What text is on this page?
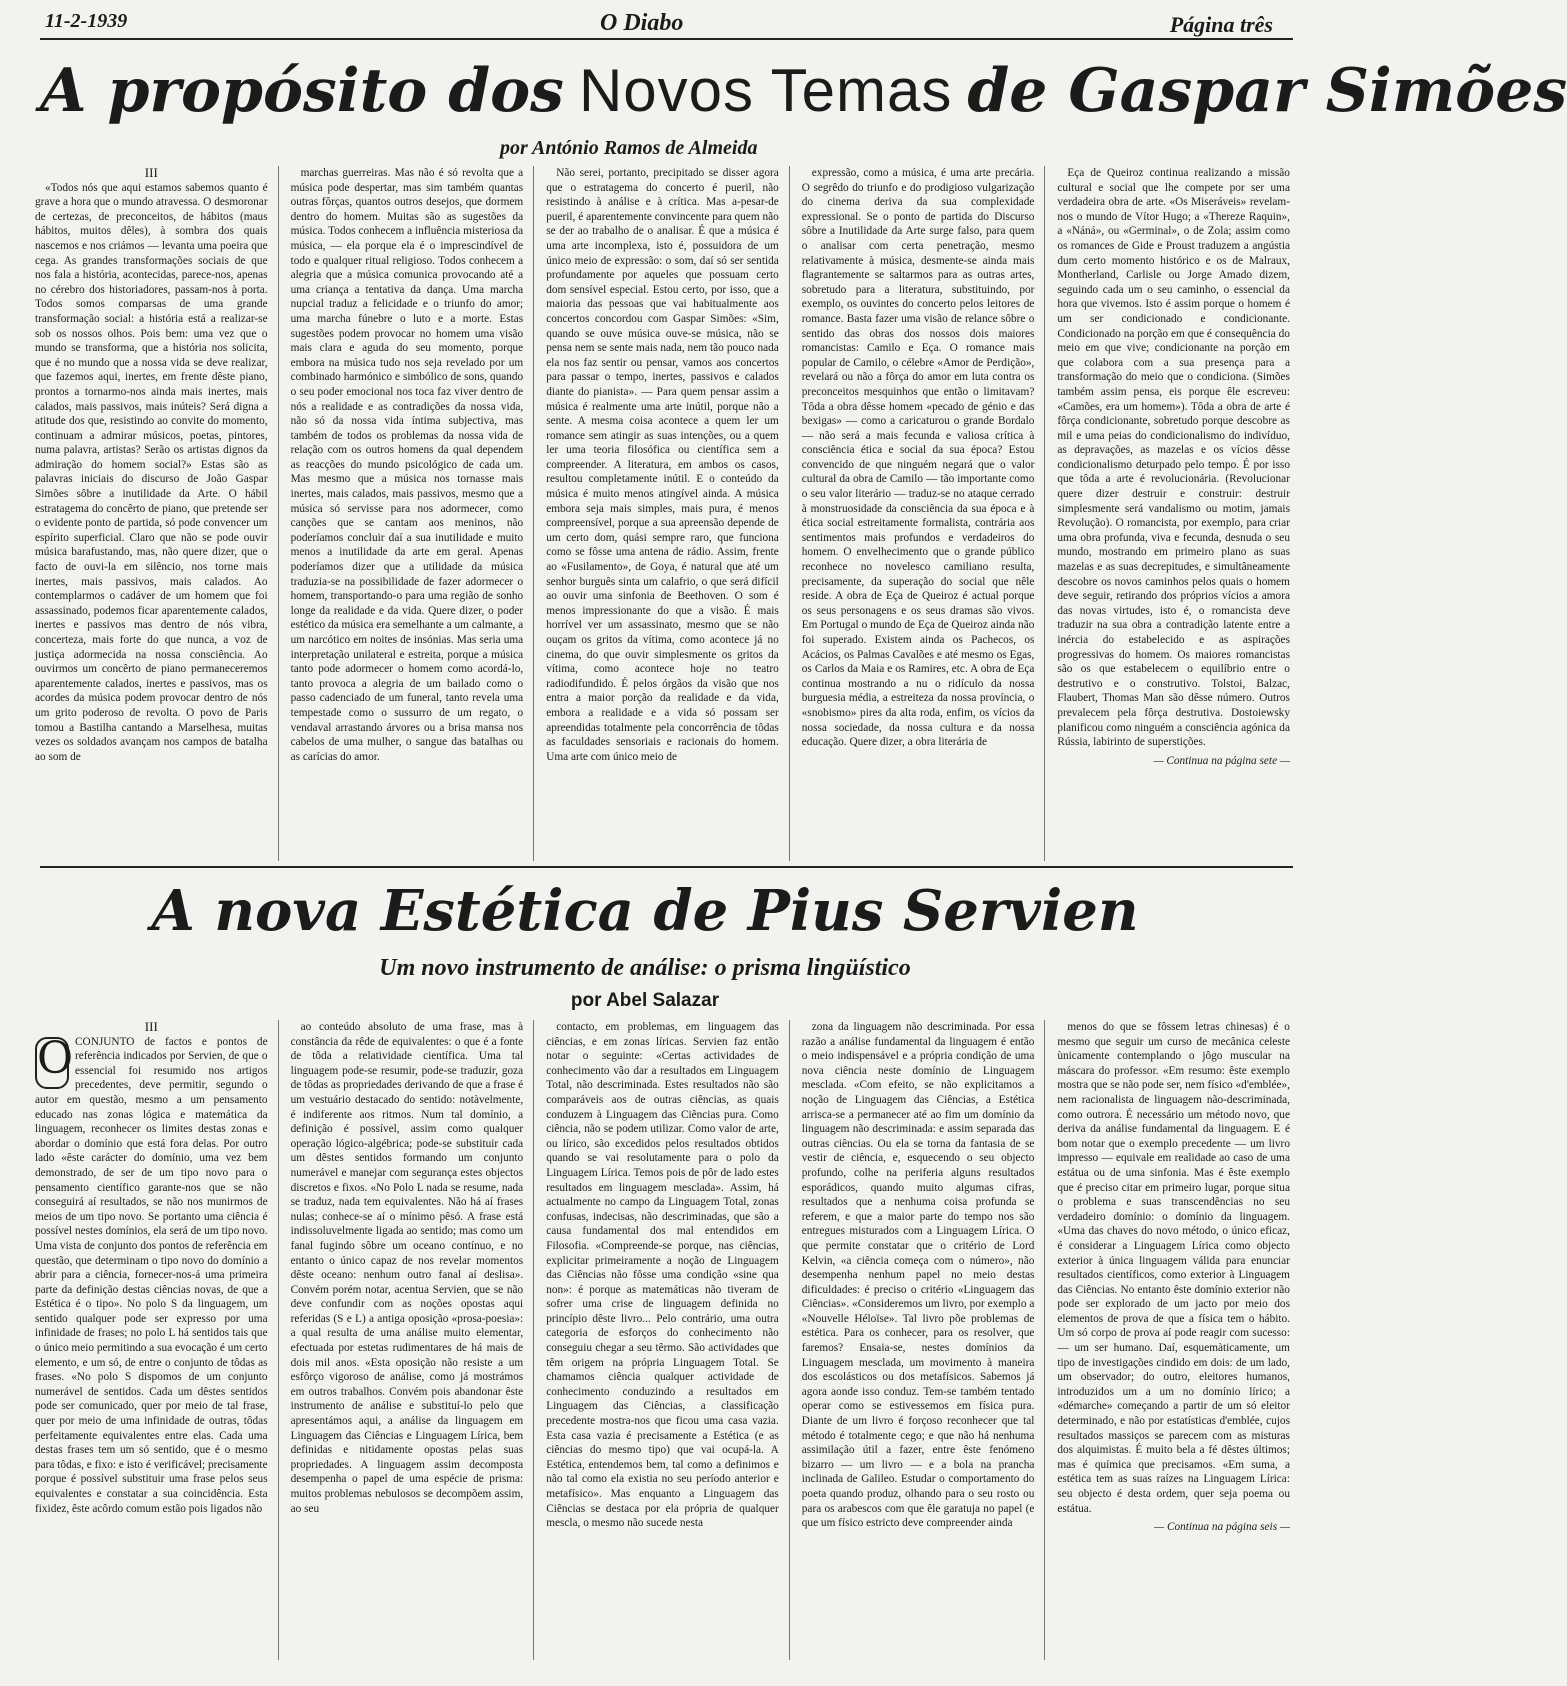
11-2-1939	O Diabo	Página três
A propósito dos Novos Temas de Gaspar Simões
por António Ramos de Almeida

III

«Todos nós que aqui estamos sabemos quanto é grave a hora que o mundo atravessa. O desmoronar de certezas, de preconceitos, de hábitos (maus hábitos, muitos dêles), à sombra dos quais nascemos e nos criámos — levanta uma poeira que cega. As grandes transformações sociais de que nos fala a história, acontecidas, parece-nos, apenas no cérebro dos historiadores, passam-nos à porta. Todos somos comparsas de uma grande transformação social: a história está a realizar-se sob os nossos olhos. Pois bem: uma vez que o mundo se transforma, que a história nos solicita, que é no mundo que a nossa vida se deve realizar, que fazemos aqui, inertes, em frente dêste piano, prontos a tornarmo-nos ainda mais inertes, mais calados, mais passivos, mais inúteis? Será digna a atitude dos que, resistindo ao convite do momento, continuam a admirar músicos, poetas, pintores, numa palavra, artistas? Serão os artistas dignos da admiração do homem social?» Estas são as palavras iniciais do discurso de João Gaspar Simões sôbre a inutilidade da Arte. O hábil estratagema do concêrto de piano, que pretende ser o evidente ponto de partida, só pode convencer um espírito superficial. Claro que não se pode ouvir música barafustando, mas, não quere dizer, que o facto de ouvi-la em silêncio, nos torne mais inertes, mais passivos, mais calados. Ao contemplarmos o cadáver de um homem que foi assassinado, podemos ficar aparentemente calados, inertes e passivos mas dentro de nós vibra, concerteza, mais forte do que nunca, a voz de justiça adormecida na nossa consciência. Ao ouvirmos um concêrto de piano permaneceremos aparentemente calados, inertes e passivos, mas os acordes da música podem provocar dentro de nós um grito poderoso de revolta. O povo de Paris tomou a Bastilha cantando a Marselhesa, muitas vezes os soldados avançam nos campos de batalha ao som de

marchas guerreiras. Mas não é só revolta que a música pode despertar, mas sim também quantas outras fôrças, quantos outros desejos, que dormem dentro do homem. Muitas são as sugestões da música. Todos conhecem a influência misteriosa da música, — ela porque ela é o imprescindível de todo e qualquer ritual religioso. Todos conhecem a alegria que a música comunica provocando até a uma criança a tentativa da dança. Uma marcha nupcial traduz a felicidade e o triunfo do amor; uma marcha fúnebre o luto e a morte. Estas sugestões podem provocar no homem uma visão mais clara e aguda do seu momento, porque embora na música tudo nos seja revelado por um combinado harmónico e simbólico de sons, quando o seu poder emocional nos toca faz viver dentro de nós a realidade e as contradições da nossa vida, não só da nossa vida íntima subjectiva, mas também de todos os problemas da nossa vida de relação com os outros homens da qual dependem as reacções do mundo psicológico de cada um. Mas mesmo que a música nos tornasse mais inertes, mais calados, mais passivos, mesmo que a música só servisse para nos adormecer, como canções que se cantam aos meninos, não poderíamos concluir daí a sua inutilidade e muito menos a inutilidade da arte em geral. Apenas poderíamos dizer que a utilidade da música traduzia-se na possibilidade de fazer adormecer o homem, transportando-o para uma região de sonho longe da realidade e da vida. Quere dizer, o poder estético da música era semelhante a um calmante, a um narcótico em noites de insónias. Mas seria uma interpretação unilateral e estreita, porque a música tanto pode adormecer o homem como acordá-lo, tanto provoca a alegria de um bailado como o passo cadenciado de um funeral, tanto revela uma tempestade como o sussurro de um regato, o vendaval arrastando árvores ou a brisa mansa nos cabelos de uma mulher, o sangue das batalhas ou as carícias do amor.

Não serei, portanto, precipitado se disser agora que o estratagema do concerto é pueril, não resistindo à análise e à crítica. Mas a-pesar-de pueril, é aparentemente convincente para quem não se der ao trabalho de o analisar. É que a música é uma arte incomplexa, isto é, possuidora de um único meio de expressão: o som, daí só ser sentida profundamente por aqueles que possuam certo dom sensível especial. Estou certo, por isso, que a maioria das pessoas que vai habitualmente aos concertos concordou com Gaspar Simões: «Sim, quando se ouve música ouve-se música, não se pensa nem se sente mais nada, nem tão pouco nada ela nos faz sentir ou pensar, vamos aos concertos para passar o tempo, inertes, passivos e calados diante do pianista». — Para quem pensar assim a música é realmente uma arte inútil, porque não a sente. A mesma coisa acontece a quem ler um romance sem atingir as suas intenções, ou a quem ler uma teoria filosófica ou científica sem a compreender. A literatura, em ambos os casos, resultou completamente inútil. E o conteúdo da música é muito menos atingível ainda. A música embora seja mais simples, mais pura, é menos compreensível, porque a sua apreensão depende de um certo dom, quási sempre raro, que funciona como se fôsse uma antena de rádio. Assim, frente ao «Fusilamento», de Goya, é natural que até um senhor burguês sinta um calafrio, o que será difícil ao ouvir uma sinfonia de Beethoven. O som é menos impressionante do que a visão. É mais horrível ver um assassinato, mesmo que se não ouçam os gritos da vítima, como acontece já no cinema, do que ouvir simplesmente os gritos da vítima, como acontece hoje no teatro radiodifundido. É pelos órgãos da visão que nos entra a maior porção da realidade e da vida, embora a realidade e a vida só possam ser apreendidas totalmente pela concorrência de tôdas as faculdades sensoriais e racionais do homem. Uma arte com único meio de

expressão, como a música, é uma arte precária. O segrêdo do triunfo e do prodigioso vulgarização do cinema deriva da sua complexidade expressional. Se o ponto de partida do Discurso sôbre a Inutilidade da Arte surge falso, para quem o analisar com certa penetração, mesmo relativamente à música, desmente-se ainda mais flagrantemente se saltarmos para as outras artes, sobretudo para a literatura, substituindo, por exemplo, os ouvintes do concerto pelos leitores de romance. Basta fazer uma visão de relance sôbre o sentido das obras dos nossos dois maiores romancistas: Camilo e Eça. O romance mais popular de Camilo, o célebre «Amor de Perdição», revelará ou não a fôrça do amor em luta contra os preconceitos mesquinhos que então o limitavam? Tôda a obra dêsse homem «pecado de génio e das bexigas» — como a caricaturou o grande Bordalo — não será a mais fecunda e valiosa crítica à consciência ética e social da sua época? Estou convencido de que ninguém negará que o valor cultural da obra de Camilo — tão importante como o seu valor literário — traduz-se no ataque cerrado à monstruosidade da consciência da sua época e à ética social estreitamente formalista, contrária aos sentimentos mais profundos e verdadeiros do homem. O envelhecimento que o grande público reconhece no novelesco camiliano resulta, precisamente, da superação do social que nêle reside. A obra de Eça de Queiroz é actual porque os seus personagens e os seus dramas são vivos. Em Portugal o mundo de Eça de Queiroz ainda não foi superado. Existem ainda os Pachecos, os Acácios, os Palmas Cavalões e até mesmo os Egas, os Carlos da Maia e os Ramires, etc. A obra de Eça continua mostrando a nu o ridículo da nossa burguesia média, a estreiteza da nossa província, o «snobismo» pires da alta roda, enfim, os vícios da nossa sociedade, da nossa cultura e da nossa educação. Quere dizer, a obra literária de

Eça de Queiroz continua realizando a missão cultural e social que lhe compete por ser uma verdadeira obra de arte. «Os Miseráveis» revelam-nos o mundo de Vítor Hugo; a «Thereze Raquin», a «Náná», ou «Germinal», o de Zola; assim como os romances de Gide e Proust traduzem a angústia dum certo momento histórico e os de Malraux, Montherland, Carlisle ou Jorge Amado dizem, seguindo cada um o seu caminho, o essencial da hora que vivemos. Isto é assim porque o homem é um ser condicionado e condicionante. Condicionado na porção em que é consequência do meio em que vive; condicionante na porção em que colabora com a sua presença para a transformação do meio que o condiciona. (Simões também assim pensa, eis porque êle escreveu: «Camões, era um homem»). Tôda a obra de arte é fôrça condicionante, sobretudo porque descobre as mil e uma peias do condicionalismo do indivíduo, as depravações, as mazelas e os vícios dêsse condicionalismo deturpado pelo tempo. É por isso que tôda a arte é revolucionária. (Revolucionar quere dizer destruir e construir: destruir simplesmente será vandalismo ou motim, jamais Revolução). O romancista, por exemplo, para criar uma obra profunda, viva e fecunda, desnuda o seu mundo, mostrando em primeiro plano as suas mazelas e as suas decrepitudes, e simultâneamente descobre os novos caminhos pelos quais o homem deve seguir, retirando dos próprios vícios a amora das novas virtudes, isto é, o romancista deve traduzir na sua obra a contradição latente entre a inércia do estabelecido e as aspirações progressivas do homem. Os maiores romancistas são os que estabelecem o equilíbrio entre o destrutivo e o construtivo. Tolstoi, Balzac, Flaubert, Thomas Man são dêsse número. Outros prevalecem pela fôrça destrutiva. Dostoiewsky planificou como ninguém a consciência agónica da Rússia, labirinto de superstições.

— Continua na página sete —

A nova Estética de Pius Servien
Um novo instrumento de análise: o prisma lingüístico
por Abel Salazar

III

O CONJUNTO de factos e pontos de referência indicados por Servien, de que o essencial foi resumido nos artigos precedentes, deve permitir, segundo o autor em questão, mesmo a um pensamento educado nas zonas lógica e matemática da linguagem, reconhecer os limites destas zonas e abordar o domínio que está fora delas. Por outro lado «êste carácter do domínio, uma vez bem demonstrado, de ser de um tipo novo para o pensamento científico garante-nos que se não conseguirá aí resultados, se não nos munirmos de meios de um tipo novo. Se portanto uma ciência é possível nestes domínios, ela será de um tipo novo. Uma vista de conjunto dos pontos de referência em questão, que determinam o tipo novo do domínio a abrir para a ciência, fornecer-nos-á uma primeira parte da definição destas ciências novas, de que a Estética é o tipo». No polo S da linguagem, um sentido qualquer pode ser expresso por uma infinidade de frases; no polo L há sentidos tais que o único meio permitindo a sua evocação é um certo elemento, e um só, de entre o conjunto de tôdas as frases. «No polo S dispomos de um conjunto numerável de sentidos. Cada um dêstes sentidos pode ser comunicado, quer por meio de tal frase, quer por meio de uma infinidade de outras, tôdas perfeitamente equivalentes entre elas. Cada uma destas frases tem um só sentido, que é o mesmo para tôdas, e fixo: e isto é verificável; precisamente porque é possível substituir uma frase pelos seus equivalentes e constatar a sua coincidência. Esta fixidez, êste acôrdo comum estão pois ligados não

ao conteúdo absoluto de uma frase, mas à constância da rêde de equivalentes: o que é a fonte de tôda a relatividade científica. Uma tal linguagem pode-se resumir, pode-se traduzir, goza de tôdas as propriedades derivando de que a frase é um vestuário destacado do sentido: notàvelmente, é indiferente aos ritmos. Num tal domínio, a definição é possível, assim como qualquer operação lógico-algébrica; pode-se substituir cada um dêstes sentidos formando um conjunto numerável e manejar com segurança estes objectos discretos e fixos. «No Polo L nada se resume, nada se traduz, nada tem equivalentes. Não há aí frases nulas; conhece-se aí o mínimo pêsó. A frase está indissoluvelmente ligada ao sentido; mas como um fanal fugindo sôbre um oceano contínuo, e no entanto o único capaz de nos revelar momentos dêste oceano: nenhum outro fanal aí deslisa». Convém porém notar, acentua Servien, que se não deve confundir com as noções opostas aqui referidas (S e L) a antiga oposição «prosa-poesia»: a qual resulta de uma análise muito elementar, efectuada por estetas rudimentares de há mais de dois mil anos. «Esta oposição não resiste a um esfôrço vigoroso de análise, como já mostrámos em outros trabalhos. Convém pois abandonar êste instrumento de análise e substituí-lo pelo que apresentámos aqui, a análise da linguagem em Linguagem das Ciências e Linguagem Lírica, bem definidas e nitidamente opostas pelas suas propriedades. A linguagem assim decomposta desempenha o papel de uma espécie de prisma: muitos problemas nebulosos se decompõem assim, ao seu

contacto, em problemas, em linguagem das ciências, e em zonas líricas. Servien faz então notar o seguinte: «Certas actividades de conhecimento vão dar a resultados em Linguagem Total, não descriminada. Estes resultados não são comparáveis aos de outras ciências, as quais conduzem à Linguagem das Ciências pura. Como ciência, não se podem utilizar. Como valor de arte, ou lírico, são excedidos pelos resultados obtidos quando se vai resolutamente para o polo da Linguagem Lírica. Temos pois de pôr de lado estes resultados em linguagem mesclada». Assim, há actualmente no campo da Linguagem Total, zonas confusas, indecisas, não descriminadas, que são a causa fundamental dos mal entendidos em Filosofia. «Compreende-se porque, nas ciências, explicitar primeiramente a noção de Linguagem das Ciências não fôsse uma condição «sine qua non»: é porque as matemáticas não tiveram de sofrer uma crise de linguagem definida no princípio dêste livro... Pelo contrário, uma outra categoria de esforços do conhecimento não conseguiu chegar a seu têrmo. São actividades que têm origem na própria Linguagem Total. Se chamamos ciência qualquer actividade de conhecimento conduzindo a resultados em Linguagem das Ciências, a classificação precedente mostra-nos que ficou uma casa vazia. Esta casa vazia é precisamente a Estética (e as ciências do mesmo tipo) que vai ocupá-la. A Estética, entendemos bem, tal como a definimos e não tal como ela existia no seu período anterior e metafísico». Mas enquanto a Linguagem das Ciências se destaca por ela própria de qualquer mescla, o mesmo não sucede nesta

zona da linguagem não descriminada. Por essa razão a análise fundamental da linguagem é então o meio indispensável e a própria condição de uma nova ciência neste domínio de Linguagem mesclada. «Com efeito, se não explicitamos a noção de Linguagem das Ciências, a Estética arrisca-se a permanecer até ao fim um domínio da linguagem não descriminada: e assim separada das outras ciências. Ou ela se torna da fantasia de se vestir de ciência, e, esquecendo o seu objecto profundo, colhe na periferia alguns resultados esporádicos, quando muito algumas cifras, resultados que a nenhuma coisa profunda se referem, e que a maior parte do tempo nos são entregues misturados com a Linguagem Lírica. O que permite constatar que o critério de Lord Kelvin, «a ciência começa com o número», não desempenha nenhum papel no meio destas dificuldades: é preciso o critério «Linguagem das Ciências». «Consideremos um livro, por exemplo a «Nouvelle Héloïse». Tal livro põe problemas de estética. Para os conhecer, para os resolver, que faremos? Ensaia-se, nestes domínios da Linguagem mesclada, um movimento à maneira dos escolásticos ou dos metafísicos. Sabemos já agora aonde isso conduz. Tem-se também tentado operar como se estivessemos em física pura. Diante de um livro é forçoso reconhecer que tal método é totalmente cego; e que não há nenhuma assimilação útil a fazer, entre êste fenómeno bizarro — um livro — e a bola na prancha inclinada de Galileo. Estudar o comportamento do poeta quando produz, olhando para o seu rosto ou para os arabescos com que êle garatuja no papel (e que um físico estricto deve compreender ainda

menos do que se fôssem letras chinesas) é o mesmo que seguir um curso de mecânica celeste ùnicamente contemplando o jôgo muscular na máscara do professor. «Em resumo: êste exemplo mostra que se não pode ser, nem físico «d'emblée», nem racionalista de linguagem não-descriminada, como outrora. É necessário um método novo, que deriva da análise fundamental da linguagem. E é bom notar que o exemplo precedente — um livro impresso — equivale em realidade ao caso de uma estátua ou de uma sinfonia. Mas é êste exemplo que é preciso citar em primeiro lugar, porque situa o problema e suas transcendências no seu verdadeiro domínio: o domínio da linguagem. «Uma das chaves do novo método, o único eficaz, é considerar a Linguagem Lírica como objecto exterior à única linguagem válida para enunciar resultados científicos, como exterior à Linguagem das Ciências. No entanto êste domínio exterior não pode ser explorado de um jacto por meio dos elementos de prova de que a física tem o hábito. Um só corpo de prova aí pode reagir com sucesso: — um ser humano. Daí, esquemàticamente, um tipo de investigações cindido em dois: de um lado, um observador; do outro, eleitores humanos, introduzidos um a um no domínio lírico; a «démarche» começando a partir de um só eleitor determinado, e não por estatísticas d'emblée, cujos resultados massiços se parecem com as misturas dos alquimistas. É muito bela a fé dêstes últimos; mas é química que precisamos. «Em suma, a estética tem as suas raízes na Linguagem Lírica: seu objecto é desta ordem, quer seja poema ou estátua.

— Continua na página seis —
